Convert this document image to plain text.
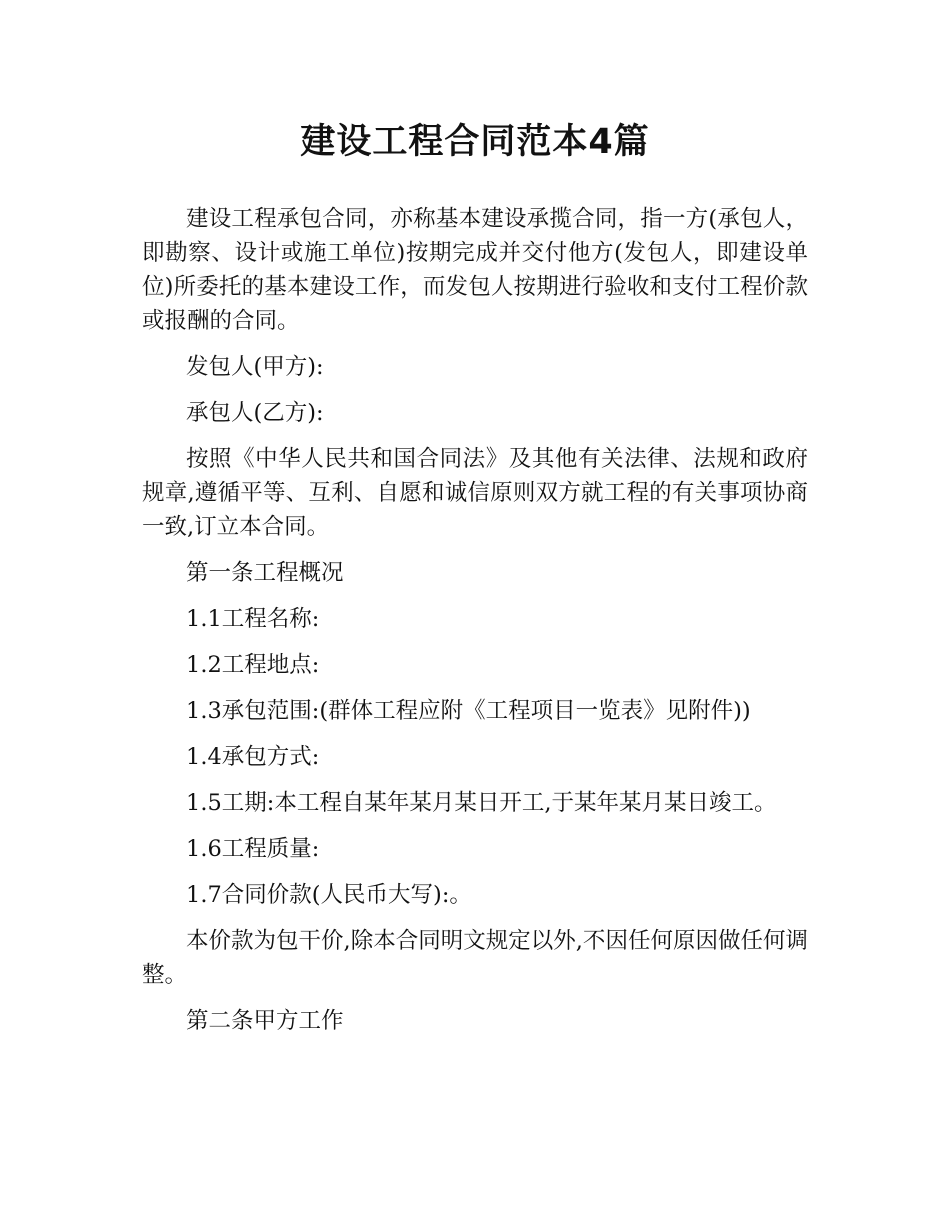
建设工程合同范本4篇

建设工程承包合同，亦称基本建设承揽合同，指一方(承包人，即勘察、设计或施工单位)按期完成并交付他方(发包人，即建设单位)所委托的基本建设工作，而发包人按期进行验收和支付工程价款或报酬的合同。

发包人(甲方):

承包人(乙方):

按照《中华人民共和国合同法》及其他有关法律、法规和政府规章,遵循平等、互利、自愿和诚信原则双方就工程的有关事项协商一致,订立本合同。

第一条工程概况

1.1工程名称:

1.2工程地点:

1.3承包范围:(群体工程应附《工程项目一览表》见附件))

1.4承包方式:

1.5工期:本工程自某年某月某日开工,于某年某月某日竣工。

1.6工程质量:

1.7合同价款(人民币大写):。

本价款为包干价,除本合同明文规定以外,不因任何原因做任何调整。

第二条甲方工作
